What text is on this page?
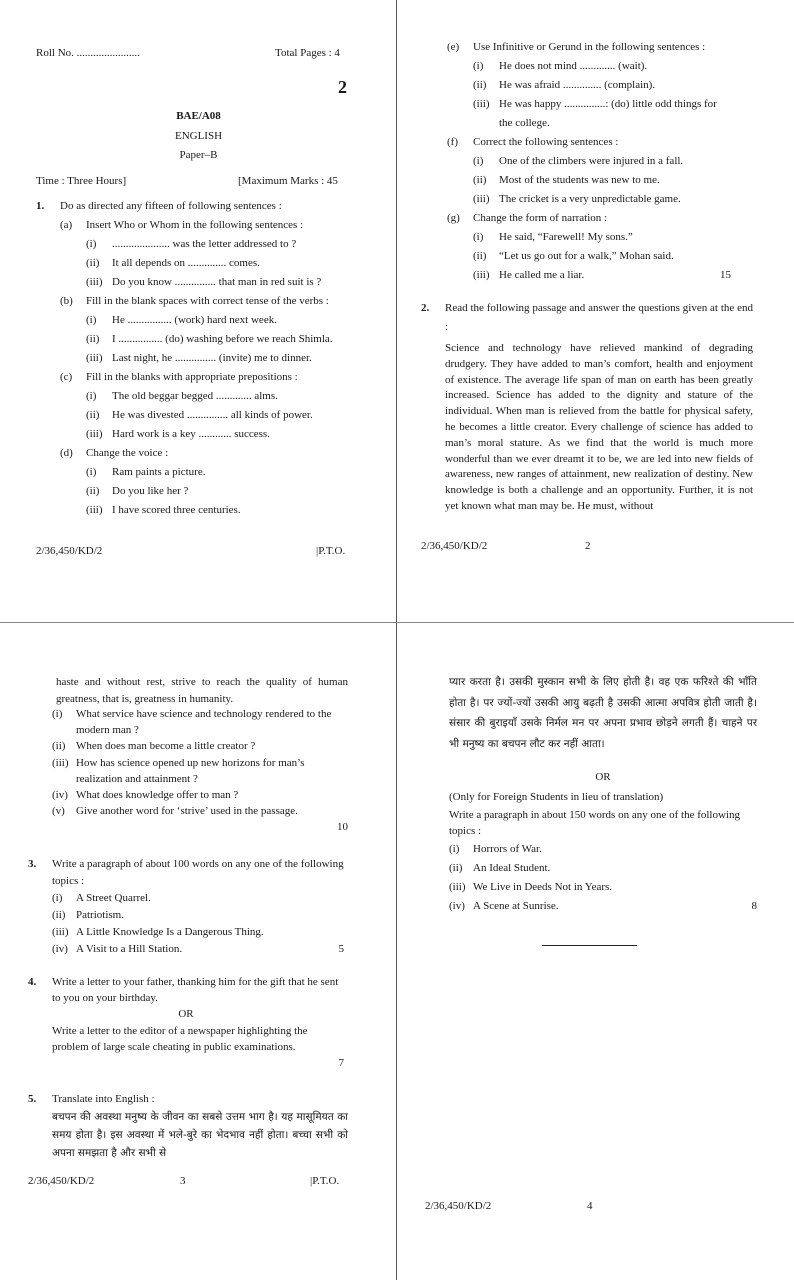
Roll No. .......................	Total Pages : 4
2
BAE/A08
ENGLISH
Paper–B
Time : Three Hours]	[Maximum Marks : 45
1.	Do as directed any fifteen of following sentences :
(a)	Insert Who or Whom in the following sentences :
(i)	..................... was the letter addressed to ?
(ii)	It all depends on .............. comes.
(iii) Do you know ............... that man in red suit is ?
(b)	Fill in the blank spaces with correct tense of the verbs :
(i)	He ................ (work) hard next week.
(ii)	I ................ (do) washing before we reach Shimla.
(iii) Last night, he ............... (invite) me to dinner.
(c)	Fill in the blanks with appropriate prepositions :
(i)	The old beggar begged ............. alms.
(ii)	He was divested ............... all kinds of power.
(iii) Hard work is a key ............ success.
(d)	Change the voice :
(i)	Ram paints a picture.
(ii)	Do you like her ?
(iii) I have scored three centuries.
2/36,450/KD/2	|P.T.O.
(e)	Use Infinitive or Gerund in the following sentences :
(i)	He does not mind ............. (wait).
(ii)	He was afraid .............. (complain).
(iii) He was happy ...............: (do) little odd things for
the college.
(f)	Correct the following sentences :
(i)	One of the climbers were injured in a fall.
(ii)	Most of the students was new to me.
(iii) The cricket is a very unpredictable game.
(g)	Change the form of narration :
(i)	He said, “Farewell! My sons.”
(ii)	“Let us go out for a walk,” Mohan said.
(iii) He called me a liar.	15
2.	Read the following passage and answer the questions given at the end :
Science and technology have relieved mankind of degrading drudgery. They have added to man’s comfort, health and enjoyment of existence. The average life span of man on earth has been greatly increased. Science has added to the dignity and stature of the individual. When man is relieved from the battle for physical safety, he becomes a little creator. Every challenge of science has added to man’s moral stature. As we find that the world is much more wonderful than we ever dreamt it to be, we are led into new fields of awareness, new ranges of attainment, new realization of destiny. New knowledge is both a challenge and an opportunity. Further, it is not yet known what man may be. He must, without
2/36,450/KD/2	2
haste and without rest, strive to reach the quality of human greatness, that is, greatness in humanity.
(i)	What service have science and technology rendered to the modern man ?
(ii) When does man become a little creator ?
(iii) How has science opened up new horizons for man’s realization and attainment ?
(iv) What does knowledge offer to man ?
(v)	Give another word for ‘strive’ used in the passage.
10
3.	Write a paragraph of about 100 words on any one of the following topics :
(i)	A Street Quarrel.
(ii) Patriotism.
(iii) A Little Knowledge Is a Dangerous Thing.
(iv) A Visit to a Hill Station.	5
4.	Write a letter to your father, thanking him for the gift that he sent to you on your birthday.
OR
Write a letter to the editor of a newspaper highlighting the problem of large scale cheating in public examinations.
7
5.	Translate into English :
बचपन की अवस्था मनुष्य के जीवन का सबसे उत्तम भाग है। यह मासूमियत का समय होता है। इस अवस्था में भले-बुरे का भेदभाव नहीं होता। बच्चा सभी को अपना समझता है और सभी से
2/36,450/KD/2	3	|P.T.O.
प्यार करता है। उसकी मुस्कान सभी के लिए होती है। वह एक फरिश्ते की भाँति होता है। पर ज्यों-ज्यों उसकी आयु बढ़ती है उसकी आत्मा अपवित्र होती जाती है। संसार की बुराइयाँ उसके निर्मल मन पर अपना प्रभाव छोड़ने लगती हैं। चाहने पर भी मनुष्य का बचपन लौट कर नहीं आता।
OR
(Only for Foreign Students in lieu of translation)
Write a paragraph in about 150 words on any one of the following topics :
(i)	Horrors of War.
(ii) An Ideal Student.
(iii) We Live in Deeds Not in Years.
(iv) A Scene at Sunrise.	8
2/36,450/KD/2	4
